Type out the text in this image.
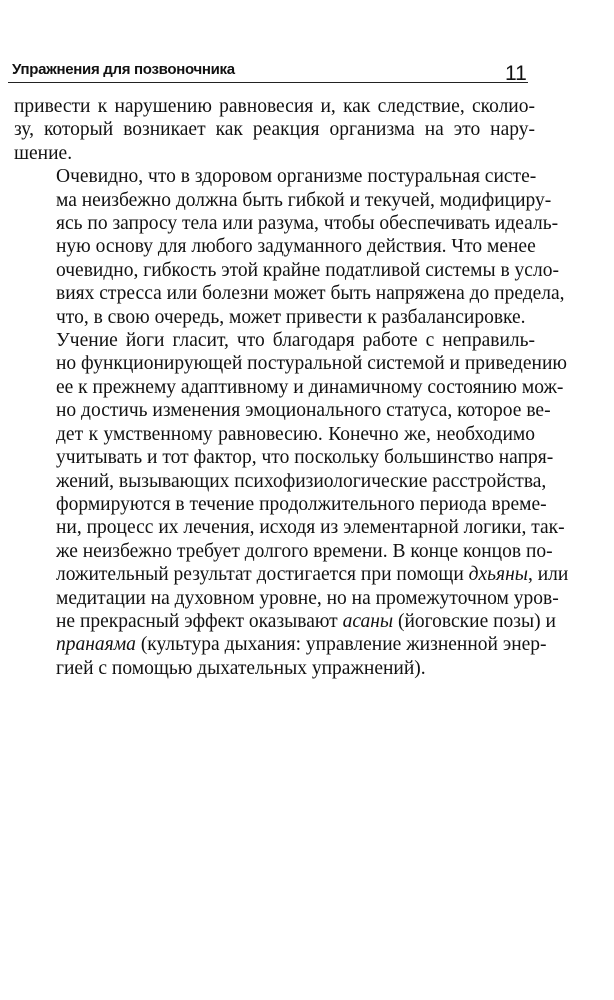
Упражнения для позвоночника	11

привести к нарушению равновесия и, как следствие, сколио-
зу, который возникает как реакция организма на это нару-
шение.

Очевидно, что в здоровом организме постуральная систе-
ма неизбежно должна быть гибкой и текучей, модифициру-
ясь по запросу тела или разума, чтобы обеспечивать идеаль-
ную основу для любого задуманного действия. Что менее
очевидно, гибкость этой крайне податливой системы в усло-
виях стресса или болезни может быть напряжена до предела,
что, в свою очередь, может привести к разбалансировке.

Учение йоги гласит, что благодаря работе с неправиль-
но функционирующей постуральной системой и приведению
ее к прежнему адаптивному и динамичному состоянию мож-
но достичь изменения эмоционального статуса, которое ве-
дет к умственному равновесию. Конечно же, необходимо
учитывать и тот фактор, что поскольку большинство напря-
жений, вызывающих психофизиологические расстройства,
формируются в течение продолжительного периода време-
ни, процесс их лечения, исходя из элементарной логики, так-
же неизбежно требует долгого времени. В конце концов по-
ложительный результат достигается при помощи дхьяны, или
медитации на духовном уровне, но на промежуточном уров-
не прекрасный эффект оказывают асаны (йоговские позы) и
пранаяма (культура дыхания: управление жизненной энер-
гией с помощью дыхательных упражнений).
